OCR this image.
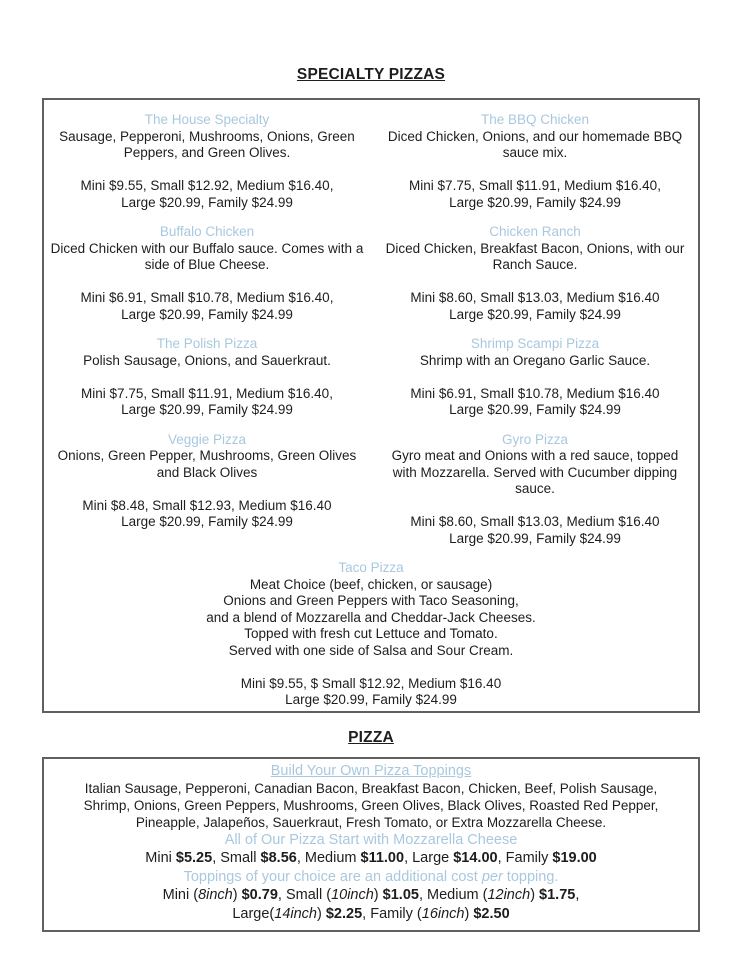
SPECIALTY PIZZAS
The House Specialty
Sausage, Pepperoni, Mushrooms, Onions, Green Peppers, and Green Olives.
Mini $9.55, Small $12.92, Medium $16.40,
Large $20.99, Family $24.99
The BBQ Chicken
Diced Chicken, Onions, and our homemade BBQ sauce mix.
Mini $7.75, Small $11.91, Medium $16.40,
Large $20.99, Family $24.99
Buffalo Chicken
Diced Chicken with our Buffalo sauce. Comes with a side of Blue Cheese.
Mini $6.91, Small $10.78, Medium $16.40,
Large $20.99, Family $24.99
Chicken Ranch
Diced Chicken, Breakfast Bacon, Onions, with our Ranch Sauce.
Mini $8.60, Small $13.03, Medium $16.40
Large $20.99, Family $24.99
The Polish Pizza
Polish Sausage, Onions, and Sauerkraut.
Mini $7.75, Small $11.91, Medium $16.40,
Large $20.99, Family $24.99
Shrimp Scampi Pizza
Shrimp with an Oregano Garlic Sauce.
Mini $6.91, Small $10.78, Medium $16.40
Large $20.99, Family $24.99
Veggie Pizza
Onions, Green Pepper, Mushrooms, Green Olives and Black Olives
Mini $8.48, Small $12.93, Medium $16.40
Large $20.99, Family $24.99
Gyro Pizza
Gyro meat and Onions with a red sauce, topped with Mozzarella. Served with Cucumber dipping sauce.
Mini $8.60, Small $13.03, Medium $16.40
Large $20.99, Family $24.99
Taco Pizza
Meat Choice (beef, chicken, or sausage)
Onions and Green Peppers with Taco Seasoning,
and a blend of Mozzarella and Cheddar-Jack Cheeses.
Topped with fresh cut Lettuce and Tomato.
Served with one side of Salsa and Sour Cream.
Mini $9.55, $ Small $12.92, Medium $16.40
Large $20.99, Family $24.99
PIZZA
Build Your Own Pizza Toppings
Italian Sausage, Pepperoni, Canadian Bacon, Breakfast Bacon, Chicken, Beef, Polish Sausage, Shrimp, Onions, Green Peppers, Mushrooms, Green Olives, Black Olives, Roasted Red Pepper, Pineapple, Jalapeños, Sauerkraut, Fresh Tomato, or Extra Mozzarella Cheese.
All of Our Pizza Start with Mozzarella Cheese
Mini $5.25, Small $8.56, Medium $11.00, Large $14.00, Family $19.00
Toppings of your choice are an additional cost per topping.
Mini (8inch) $0.79, Small (10inch) $1.05, Medium (12inch) $1.75,
Large(14inch) $2.25, Family (16inch) $2.50
